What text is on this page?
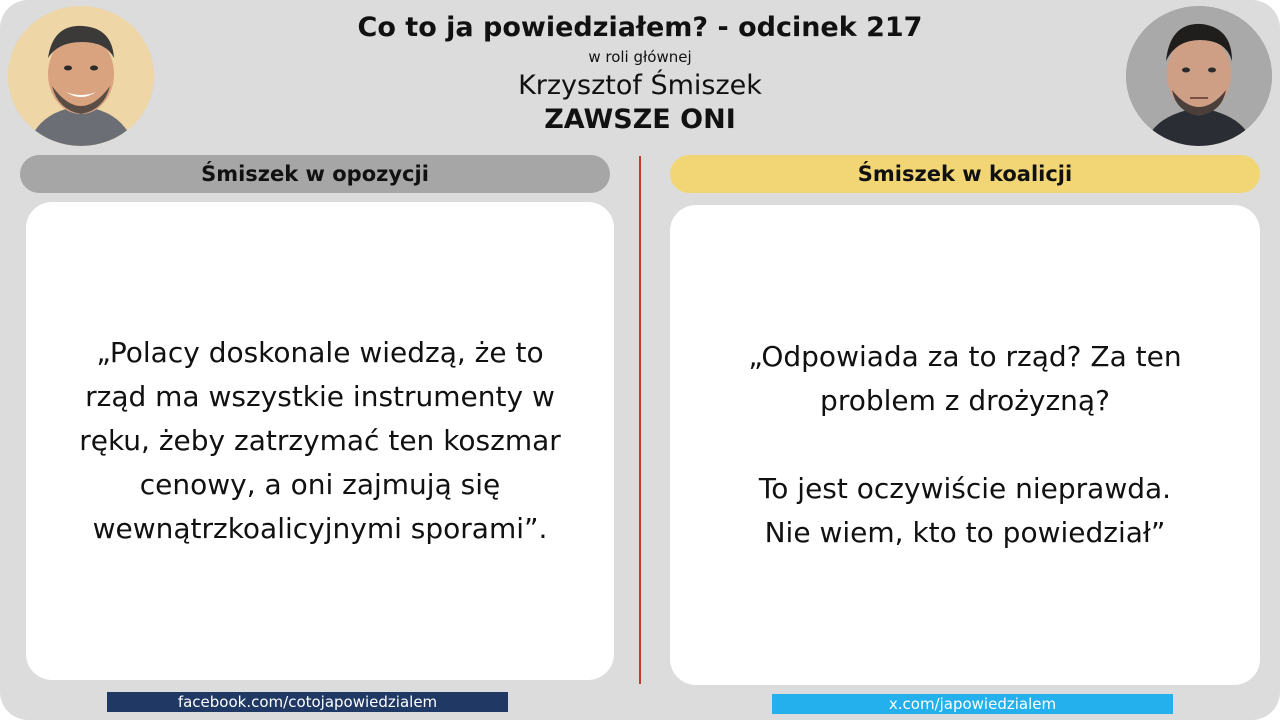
Co to ja powiedziałem? - odcinek 217
w roli głównej
Krzysztof Śmiszek
ZAWSZE ONI
Śmiszek w opozycji	Śmiszek w koalicji
„Polacy doskonale wiedzą, że to
rząd ma wszystkie instrumenty w
ręku, żeby zatrzymać ten koszmar
cenowy, a oni zajmują się
wewnątrzkoalicyjnymi sporami”.
„Odpowiada za to rząd? Za ten
problem z drożyzną?

To jest oczywiście nieprawda.
Nie wiem, kto to powiedział”
facebook.com/cotojapowiedzialem	x.com/japowiedzialem
